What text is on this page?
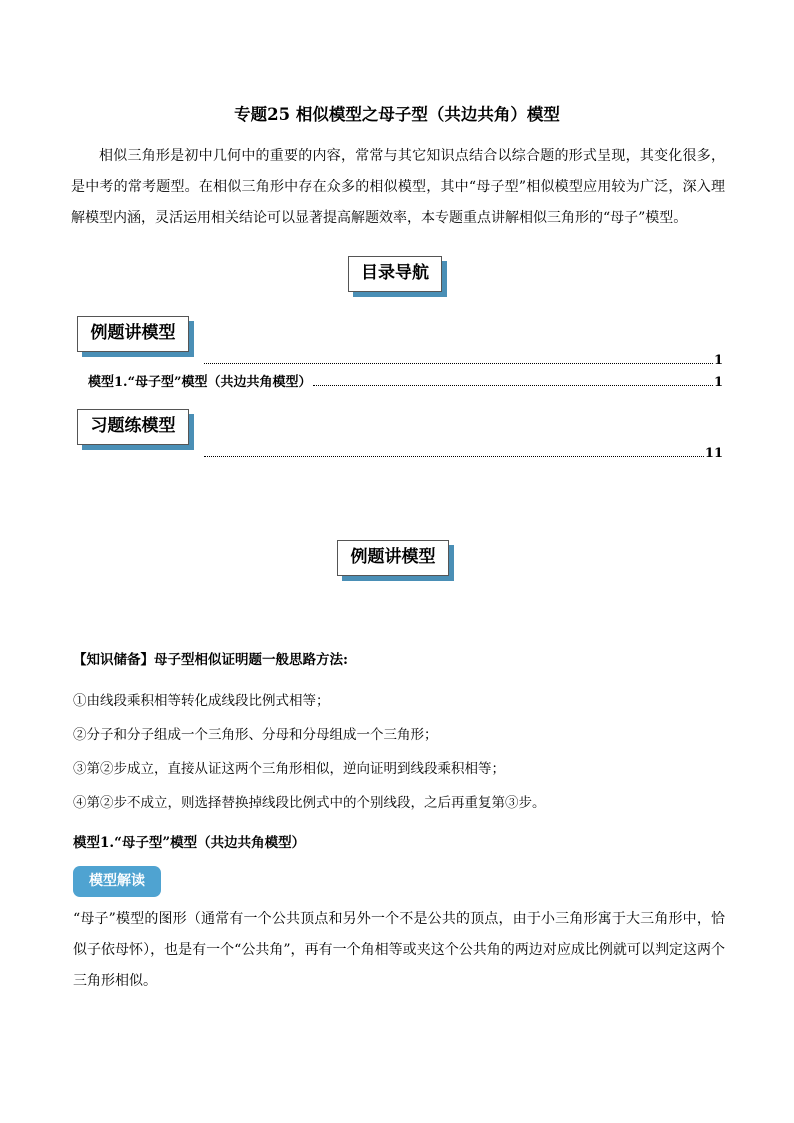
专题25 相似模型之母子型（共边共角）模型

相似三角形是初中几何中的重要的内容，常常与其它知识点结合以综合题的形式呈现，其变化很多，是中考的常考题型。在相似三角形中存在众多的相似模型，其中“母子型”相似模型应用较为广泛，深入理解模型内涵，灵活运用相关结论可以显著提高解题效率，本专题重点讲解相似三角形的“母子”模型。

目录导航
例题讲模型
1
模型1.“母子型”模型（共边共角模型）	1
习题练模型
11
例题讲模型
【知识储备】母子型相似证明题一般思路方法:
①由线段乘积相等转化成线段比例式相等；
②分子和分子组成一个三角形、分母和分母组成一个三角形；
③第②步成立，直接从证这两个三角形相似，逆向证明到线段乘积相等；
④第②步不成立，则选择替换掉线段比例式中的个别线段，之后再重复第③步。
模型1.“母子型”模型（共边共角模型）
模型解读
“母子”模型的图形（通常有一个公共顶点和另外一个不是公共的顶点，由于小三角形寓于大三角形中，恰似子依母怀），也是有一个“公共角”，再有一个角相等或夹这个公共角的两边对应成比例就可以判定这两个三角形相似。
